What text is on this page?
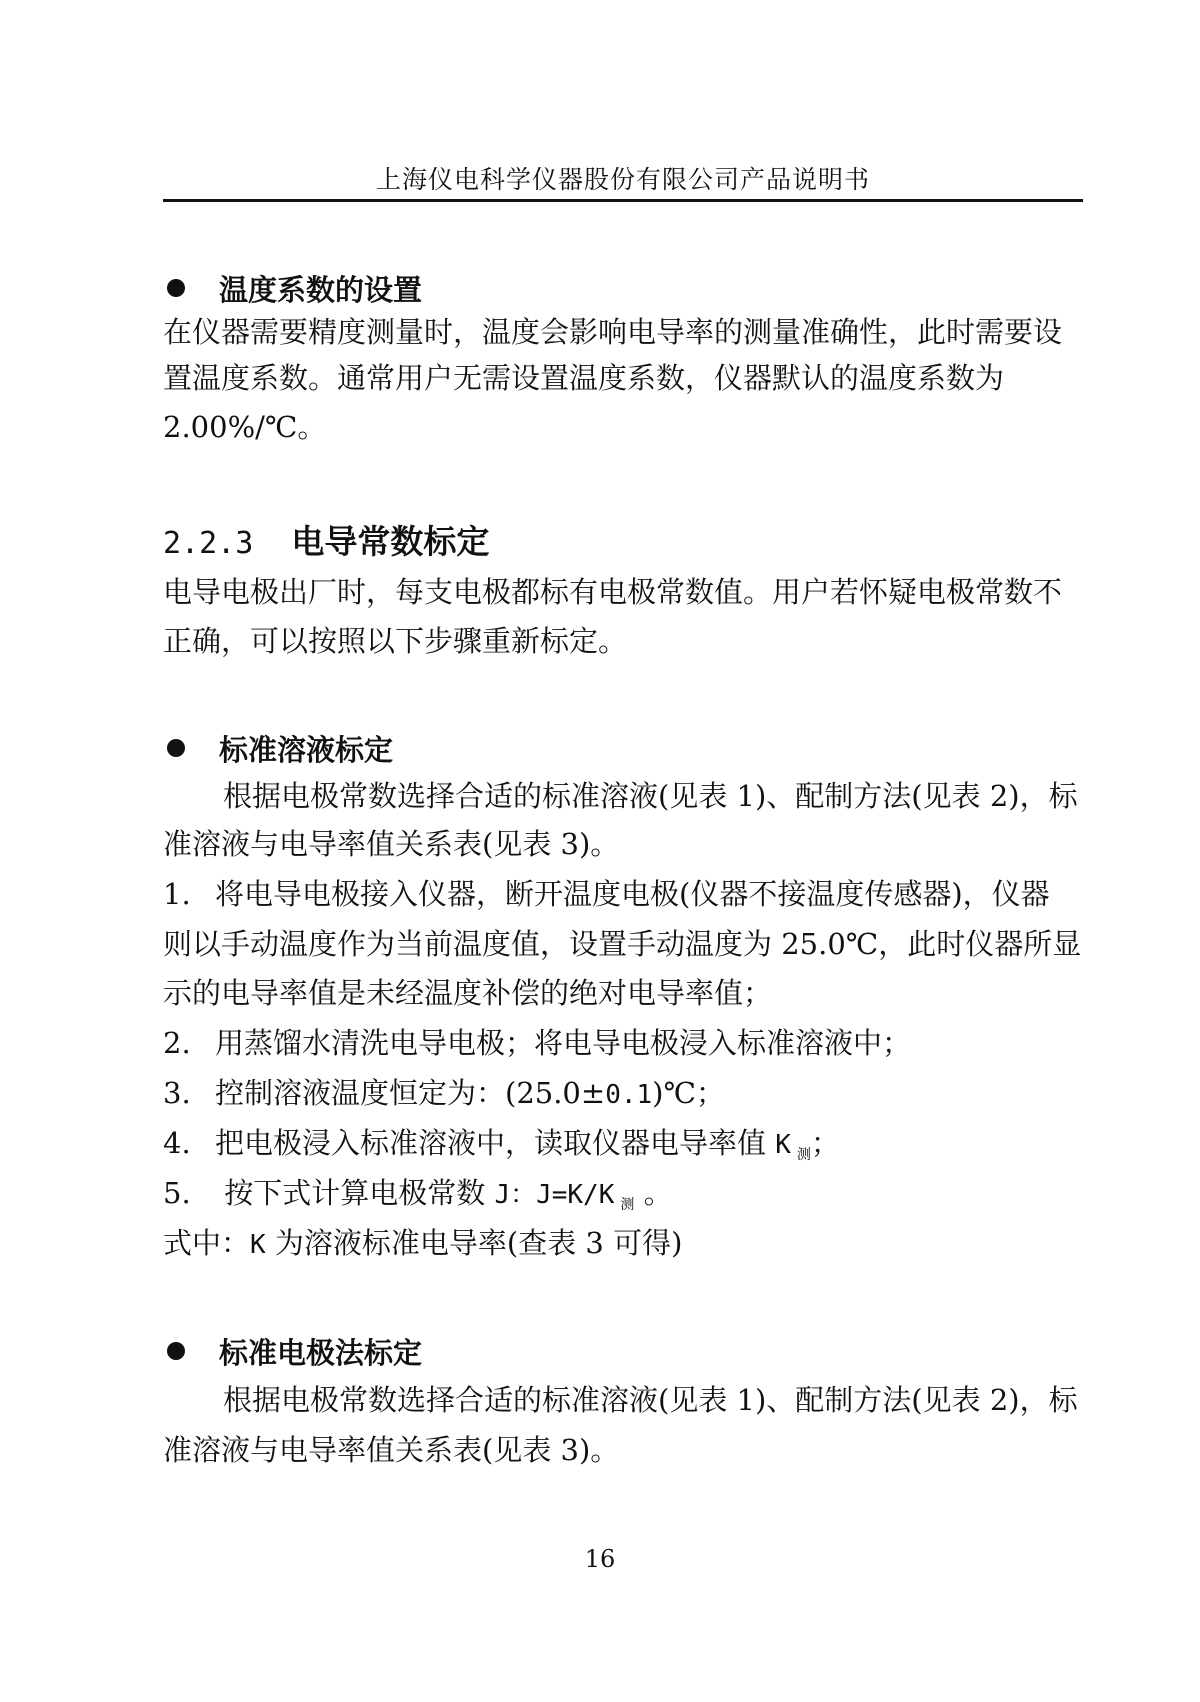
上海仪电科学仪器股份有限公司产品说明书
温度系数的设置
在仪器需要精度测量时，温度会影响电导率的测量准确性，此时需要设
置温度系数。通常用户无需设置温度系数，仪器默认的温度系数为
2.00%/℃。
2.2.3 电导常数标定
电导电极出厂时，每支电极都标有电极常数值。用户若怀疑电极常数不
正确，可以按照以下步骤重新标定。
标准溶液标定
根据电极常数选择合适的标准溶液(见表 1)、配制方法(见表 2)，标
准溶液与电导率值关系表(见表 3)。
1. 将电导电极接入仪器，断开温度电极(仪器不接温度传感器)，仪器
则以手动温度作为当前温度值，设置手动温度为 25.0℃，此时仪器所显
示的电导率值是未经温度补偿的绝对电导率值；
2. 用蒸馏水清洗电导电极；将电导电极浸入标准溶液中；
3. 控制溶液温度恒定为：(25.0±0.1)℃；
4. 把电极浸入标准溶液中，读取仪器电导率值 K $_测$；
5. 按下式计算电极常数 J：J=K/K $_测$ 。
式中：K 为溶液标准电导率(查表 3 可得)
标准电极法标定
根据电极常数选择合适的标准溶液(见表 1)、配制方法(见表 2)，标
准溶液与电导率值关系表(见表 3)。
16
